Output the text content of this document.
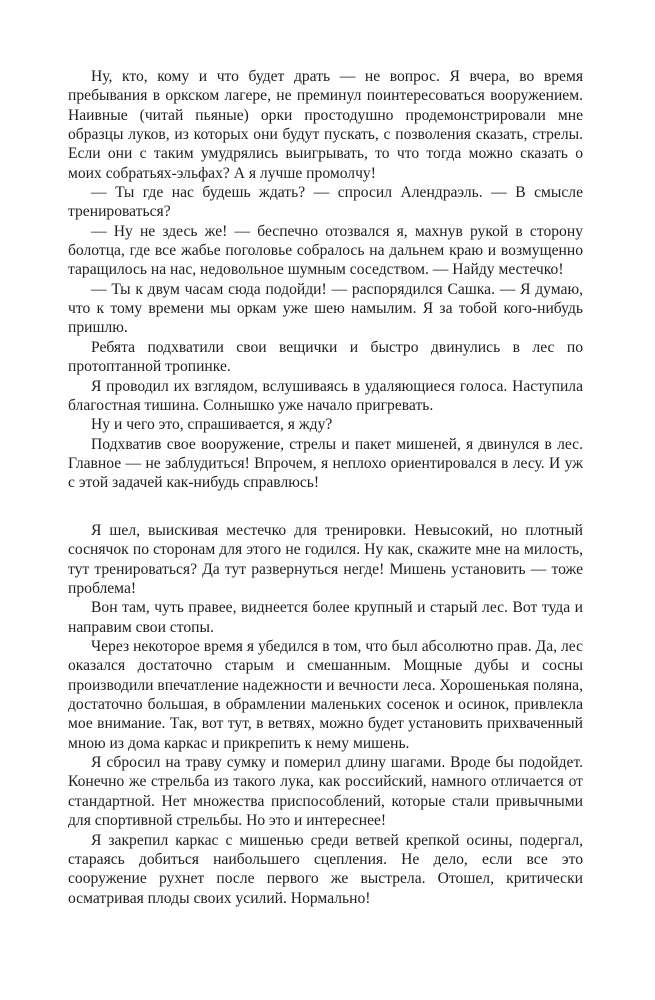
Ну, кто, кому и что будет драть — не вопрос. Я вчера, во время пребывания в оркском лагере, не преминул поинтересоваться вооружением. Наивные (читай пьяные) орки простодушно продемонстрировали мне образцы луков, из которых они будут пускать, с позволения сказать, стрелы. Если они с таким умудрялись выигрывать, то что тогда можно сказать о моих собратьях-эльфах? А я лучше промолчу!

— Ты где нас будешь ждать? — спросил Алендраэль. — В смысле тренироваться?

— Ну не здесь же! — беспечно отозвался я, махнув рукой в сторону болотца, где все жабье поголовье собралось на дальнем краю и возмущенно таращилось на нас, недовольное шумным соседством. — Найду местечко!

— Ты к двум часам сюда подойди! — распорядился Сашка. — Я думаю, что к тому времени мы оркам уже шею намылим. Я за тобой кого-нибудь пришлю.

Ребята подхватили свои вещички и быстро двинулись в лес по протоптанной тропинке.

Я проводил их взглядом, вслушиваясь в удаляющиеся голоса. Наступила благостная тишина. Солнышко уже начало пригревать.

Ну и чего это, спрашивается, я жду?

Подхватив свое вооружение, стрелы и пакет мишеней, я двинулся в лес. Главное — не заблудиться! Впрочем, я неплохо ориентировался в лесу. И уж с этой задачей как-нибудь справлюсь!

Я шел, выискивая местечко для тренировки. Невысокий, но плотный соснячок по сторонам для этого не годился. Ну как, скажите мне на милость, тут тренироваться? Да тут развернуться негде! Мишень установить — тоже проблема!

Вон там, чуть правее, виднеется более крупный и старый лес. Вот туда и направим свои стопы.

Через некоторое время я убедился в том, что был абсолютно прав. Да, лес оказался достаточно старым и смешанным. Мощные дубы и сосны производили впечатление надежности и вечности леса. Хорошенькая поляна, достаточно большая, в обрамлении маленьких сосенок и осинок, привлекла мое внимание. Так, вот тут, в ветвях, можно будет установить прихваченный мною из дома каркас и прикрепить к нему мишень.

Я сбросил на траву сумку и померил длину шагами. Вроде бы подойдет. Конечно же стрельба из такого лука, как российский, намного отличается от стандартной. Нет множества приспособлений, которые стали привычными для спортивной стрельбы. Но это и интереснее!

Я закрепил каркас с мишенью среди ветвей крепкой осины, подергал, стараясь добиться наибольшего сцепления. Не дело, если все это сооружение рухнет после первого же выстрела. Отошел, критически осматривая плоды своих усилий. Нормально!
